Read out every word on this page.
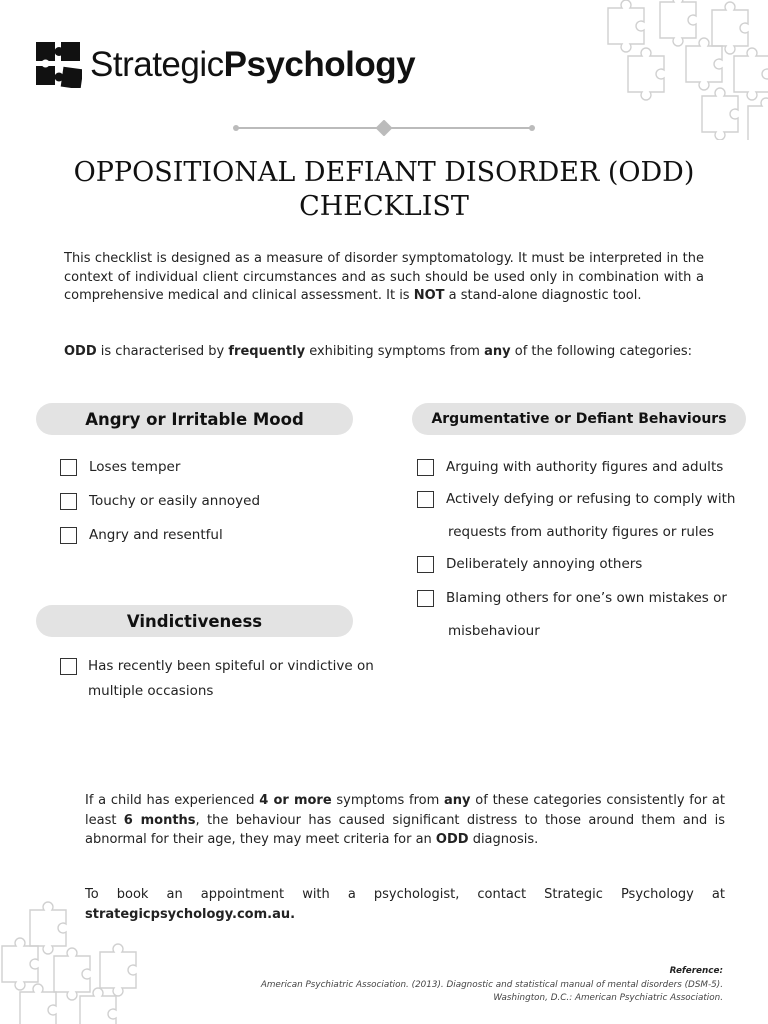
StrategicPsychology
OPPOSITIONAL DEFIANT DISORDER (ODD)
CHECKLIST

This checklist is designed as a measure of disorder symptomatology. It must be interpreted in the context of individual client circumstances and as such should be used only in combination with a comprehensive medical and clinical assessment. It is NOT a stand-alone diagnostic tool.

ODD is characterised by frequently exhibiting symptoms from any of the following categories:

Angry or Irritable Mood	Argumentative or Defiant Behaviours
Vindictiveness
Loses temper
Touchy or easily annoyed
Angry and resentful
Arguing with authority figures and adults
Actively defying or refusing to comply with
requests from authority figures or rules
Deliberately annoying others
Blaming others for one’s own mistakes or
misbehaviour
Has recently been spiteful or vindictive on
multiple occasions

If a child has experienced 4 or more symptoms from any of these categories consistently for at least 6 months, the behaviour has caused significant distress to those around them and is abnormal for their age, they may meet criteria for an ODD diagnosis.

To book an appointment with a psychologist, contact Strategic Psychology at strategicpsychology.com.au.

Reference:
American Psychiatric Association. (2013). Diagnostic and statistical manual of mental disorders (DSM-5).
Washington, D.C.: American Psychiatric Association.
